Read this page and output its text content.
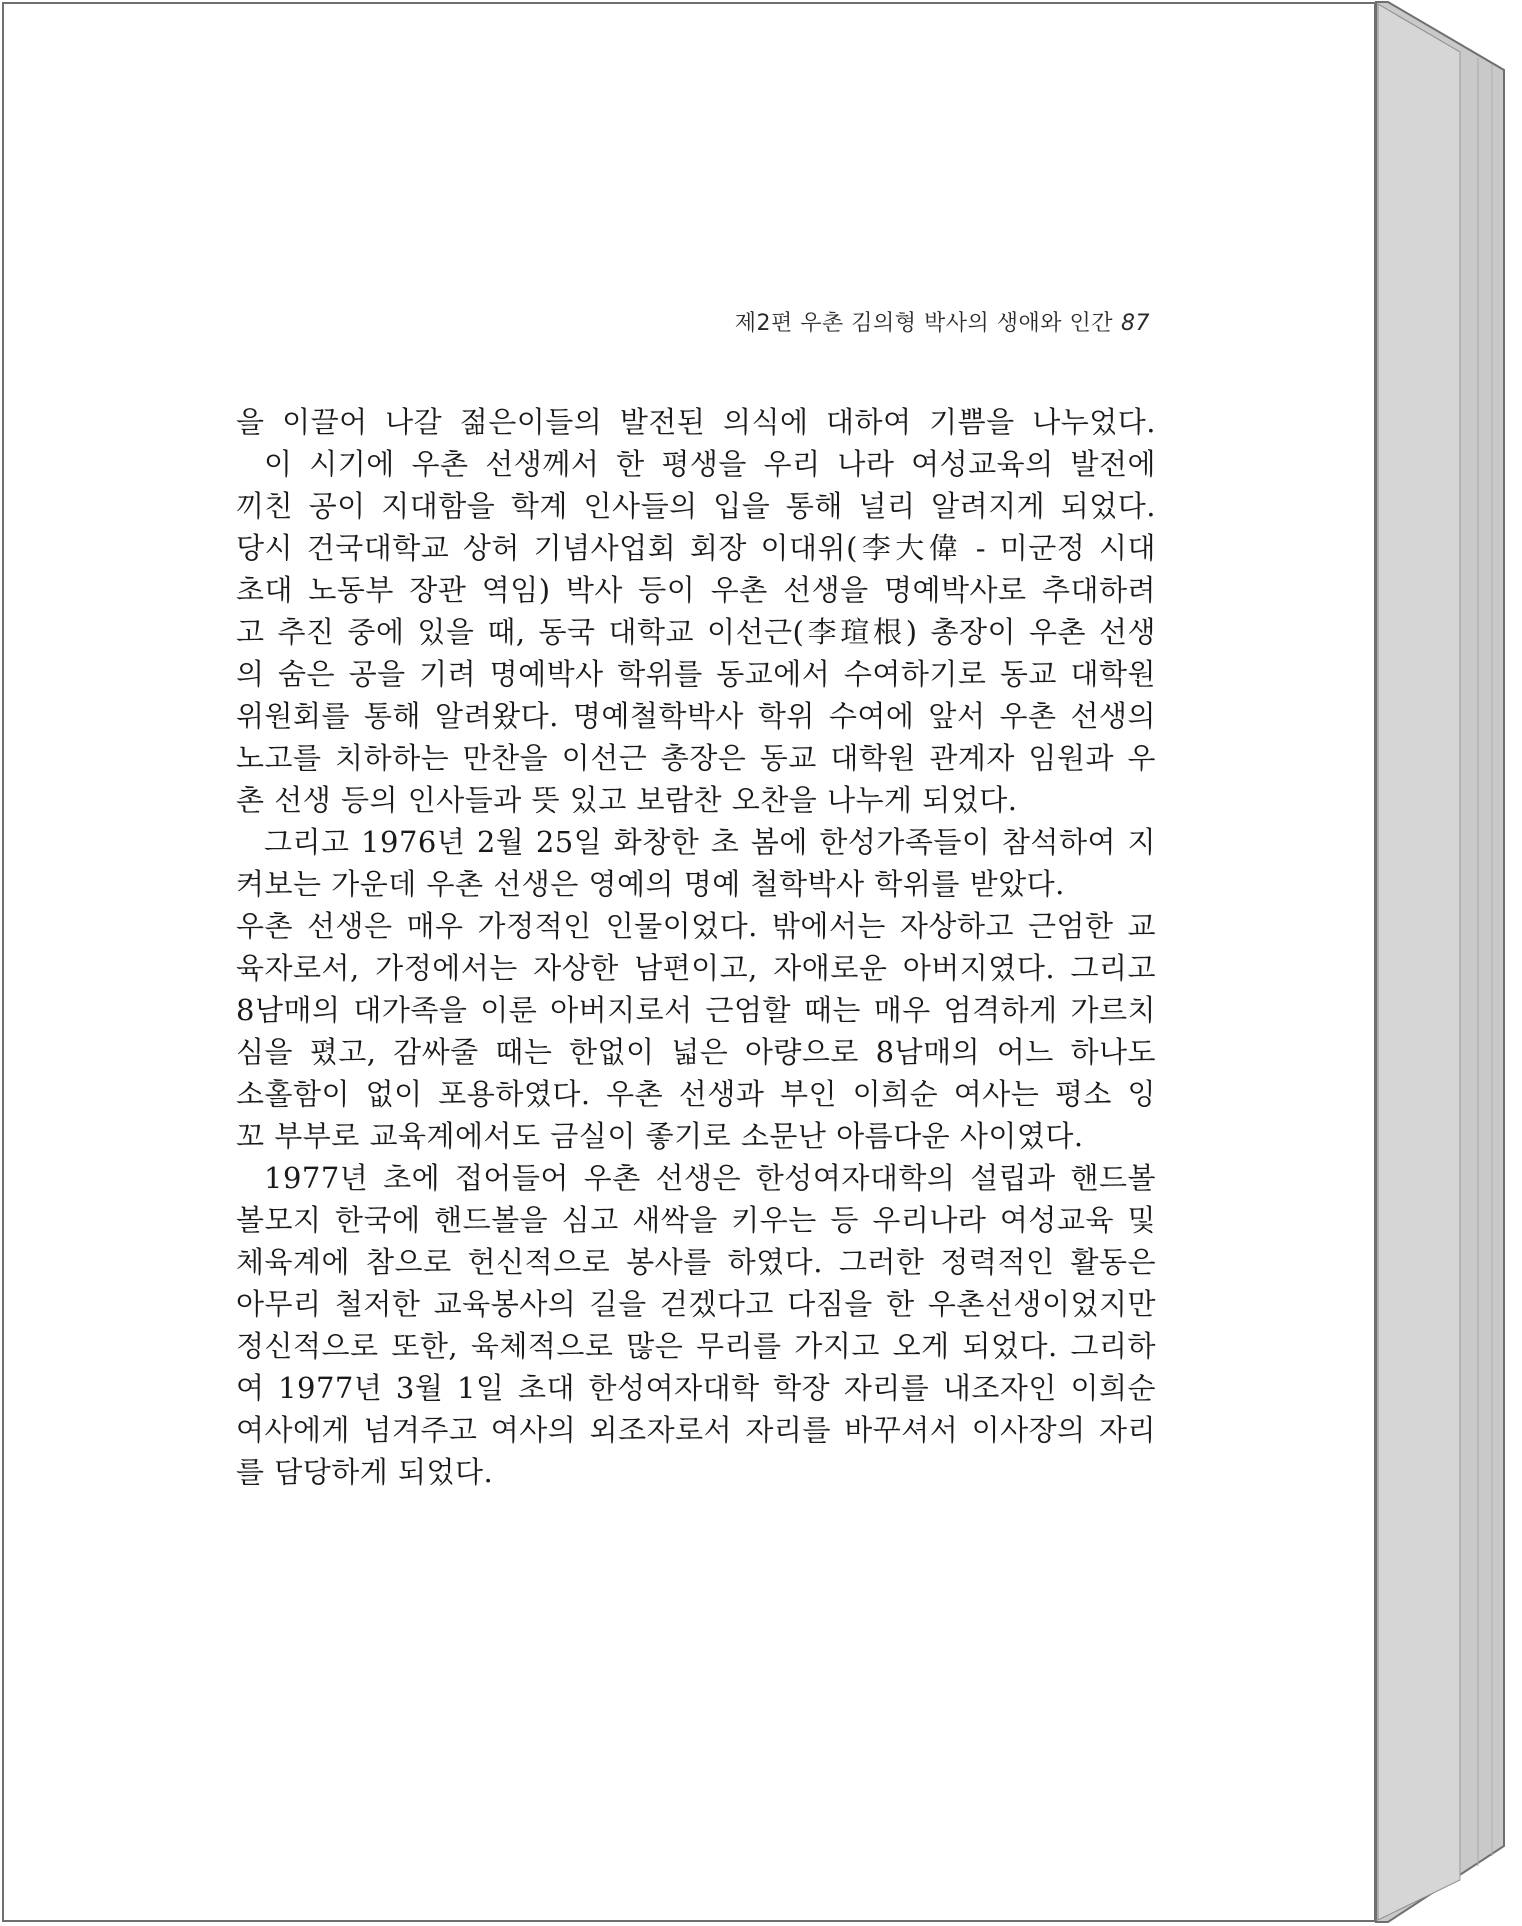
제2편 우촌 김의형 박사의 생애와 인간 87
을 이끌어 나갈 젊은이들의 발전된 의식에 대하여 기쁨을 나누었다.
이 시기에 우촌 선생께서 한 평생을 우리 나라 여성교육의 발전에
끼친 공이 지대함을 학계 인사들의 입을 통해 널리 알려지게 되었다.
당시 건국대학교 상허 기념사업회 회장 이대위(李大偉 - 미군정 시대
초대 노동부 장관 역임) 박사 등이 우촌 선생을 명예박사로 추대하려
고 추진 중에 있을 때, 동국 대학교 이선근(李瑄根) 총장이 우촌 선생
의 숨은 공을 기려 명예박사 학위를 동교에서 수여하기로 동교 대학원
위원회를 통해 알려왔다. 명예철학박사 학위 수여에 앞서 우촌 선생의
노고를 치하하는 만찬을 이선근 총장은 동교 대학원 관계자 임원과 우
촌 선생 등의 인사들과 뜻 있고 보람찬 오찬을 나누게 되었다.
그리고 1976년 2월 25일 화창한 초 봄에 한성가족들이 참석하여 지
켜보는 가운데 우촌 선생은 영예의 명예 철학박사 학위를 받았다.
우촌 선생은 매우 가정적인 인물이었다. 밖에서는 자상하고 근엄한 교
육자로서, 가정에서는 자상한 남편이고, 자애로운 아버지였다. 그리고
8남매의 대가족을 이룬 아버지로서 근엄할 때는 매우 엄격하게 가르치
심을 폈고, 감싸줄 때는 한없이 넓은 아량으로 8남매의 어느 하나도
소홀함이 없이 포용하였다. 우촌 선생과 부인 이희순 여사는 평소 잉
꼬 부부로 교육계에서도 금실이 좋기로 소문난 아름다운 사이였다.
1977년 초에 접어들어 우촌 선생은 한성여자대학의 설립과 핸드볼
볼모지 한국에 핸드볼을 심고 새싹을 키우는 등 우리나라 여성교육 및
체육계에 참으로 헌신적으로 봉사를 하였다. 그러한 정력적인 활동은
아무리 철저한 교육봉사의 길을 걷겠다고 다짐을 한 우촌선생이었지만
정신적으로 또한, 육체적으로 많은 무리를 가지고 오게 되었다. 그리하
여 1977년 3월 1일 초대 한성여자대학 학장 자리를 내조자인 이희순
여사에게 넘겨주고 여사의 외조자로서 자리를 바꾸셔서 이사장의 자리
를 담당하게 되었다.
